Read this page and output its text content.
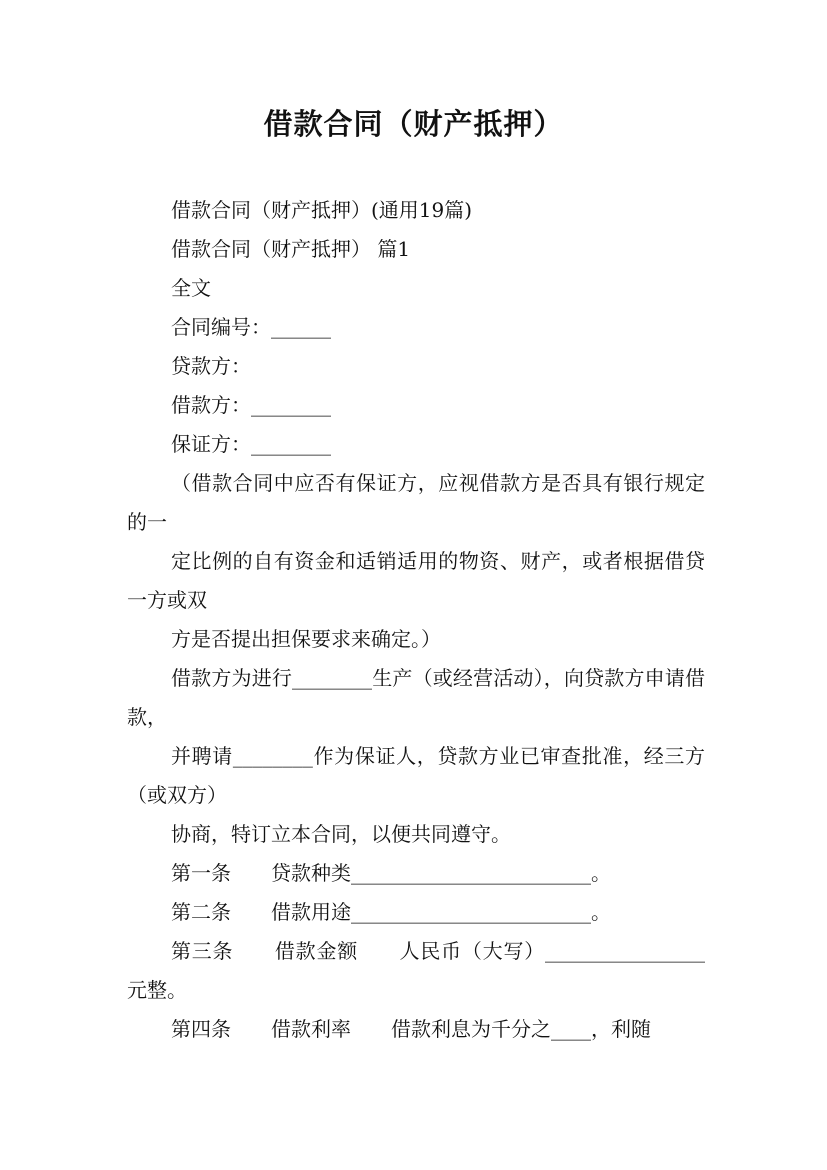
借款合同（财产抵押）

借款合同（财产抵押）(通用19篇)

借款合同（财产抵押） 篇1

全文

合同编号：______

贷款方：

借款方：________

保证方：________

（借款合同中应否有保证方，应视借款方是否具有银行规定的一

定比例的自有资金和适销适用的物资、财产，或者根据借贷一方或双

方是否提出担保要求来确定。）

借款方为进行________生产（或经营活动），向贷款方申请借款，

并聘请________作为保证人，贷款方业已审查批准，经三方（或双方）

协商，特订立本合同，以便共同遵守。

第一条　　贷款种类________________________。

第二条　　借款用途________________________。

第三条　　借款金额　　人民币（大写）________________元整。

第四条　　借款利率　　借款利息为千分之____，利随
